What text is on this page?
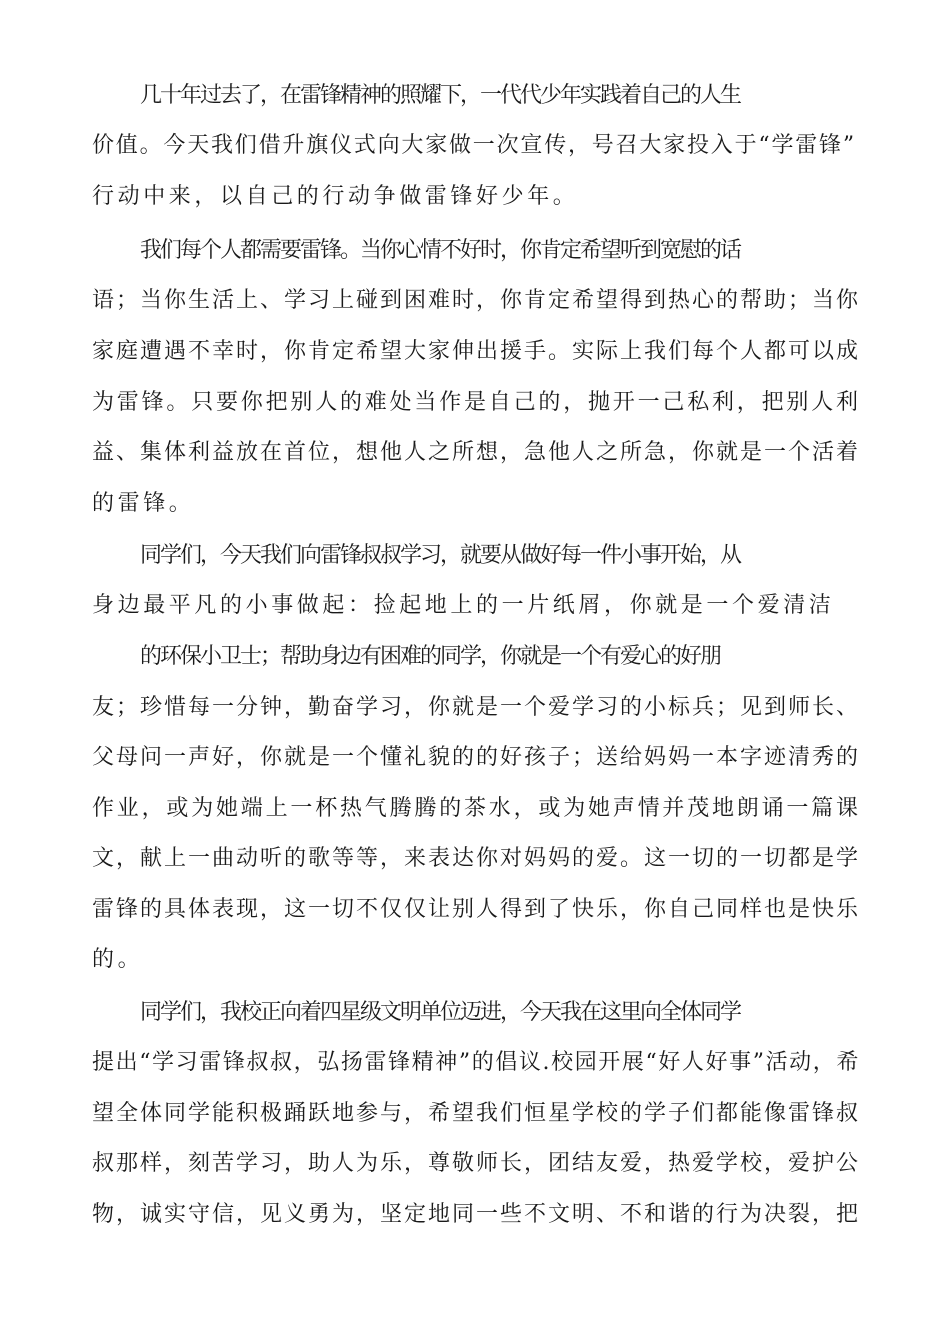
几十年过去了，在雷锋精神的照耀下，一代代少年实践着自己的人生
价值。今天我们借升旗仪式向大家做一次宣传，号召大家投入于“学雷锋”
行动中来，以自己的行动争做雷锋好少年。
我们每个人都需要雷锋。当你心情不好时，你肯定希望听到宽慰的话
语；当你生活上、学习上碰到困难时，你肯定希望得到热心的帮助；当你
家庭遭遇不幸时，你肯定希望大家伸出援手。实际上我们每个人都可以成
为雷锋。只要你把别人的难处当作是自己的，抛开一己私利，把别人利
益、集体利益放在首位，想他人之所想，急他人之所急，你就是一个活着
的雷锋。
同学们，今天我们向雷锋叔叔学习，就要从做好每一件小事开始，从
身边最平凡的小事做起：捡起地上的一片纸屑，你就是一个爱清洁
的环保小卫士；帮助身边有困难的同学，你就是一个有爱心的好朋
友；珍惜每一分钟，勤奋学习，你就是一个爱学习的小标兵；见到师长、
父母问一声好，你就是一个懂礼貌的的好孩子；送给妈妈一本字迹清秀的
作业，或为她端上一杯热气腾腾的茶水，或为她声情并茂地朗诵一篇课
文，献上一曲动听的歌等等，来表达你对妈妈的爱。这一切的一切都是学
雷锋的具体表现，这一切不仅仅让别人得到了快乐，你自己同样也是快乐
的。
同学们，我校正向着四星级文明单位迈进，今天我在这里向全体同学
提出“学习雷锋叔叔，弘扬雷锋精神”的倡议.校园开展“好人好事”活动，希
望全体同学能积极踊跃地参与，希望我们恒星学校的学子们都能像雷锋叔
叔那样，刻苦学习，助人为乐，尊敬师长，团结友爱，热爱学校，爱护公
物，诚实守信，见义勇为，坚定地同一些不文明、不和谐的行为决裂，把
